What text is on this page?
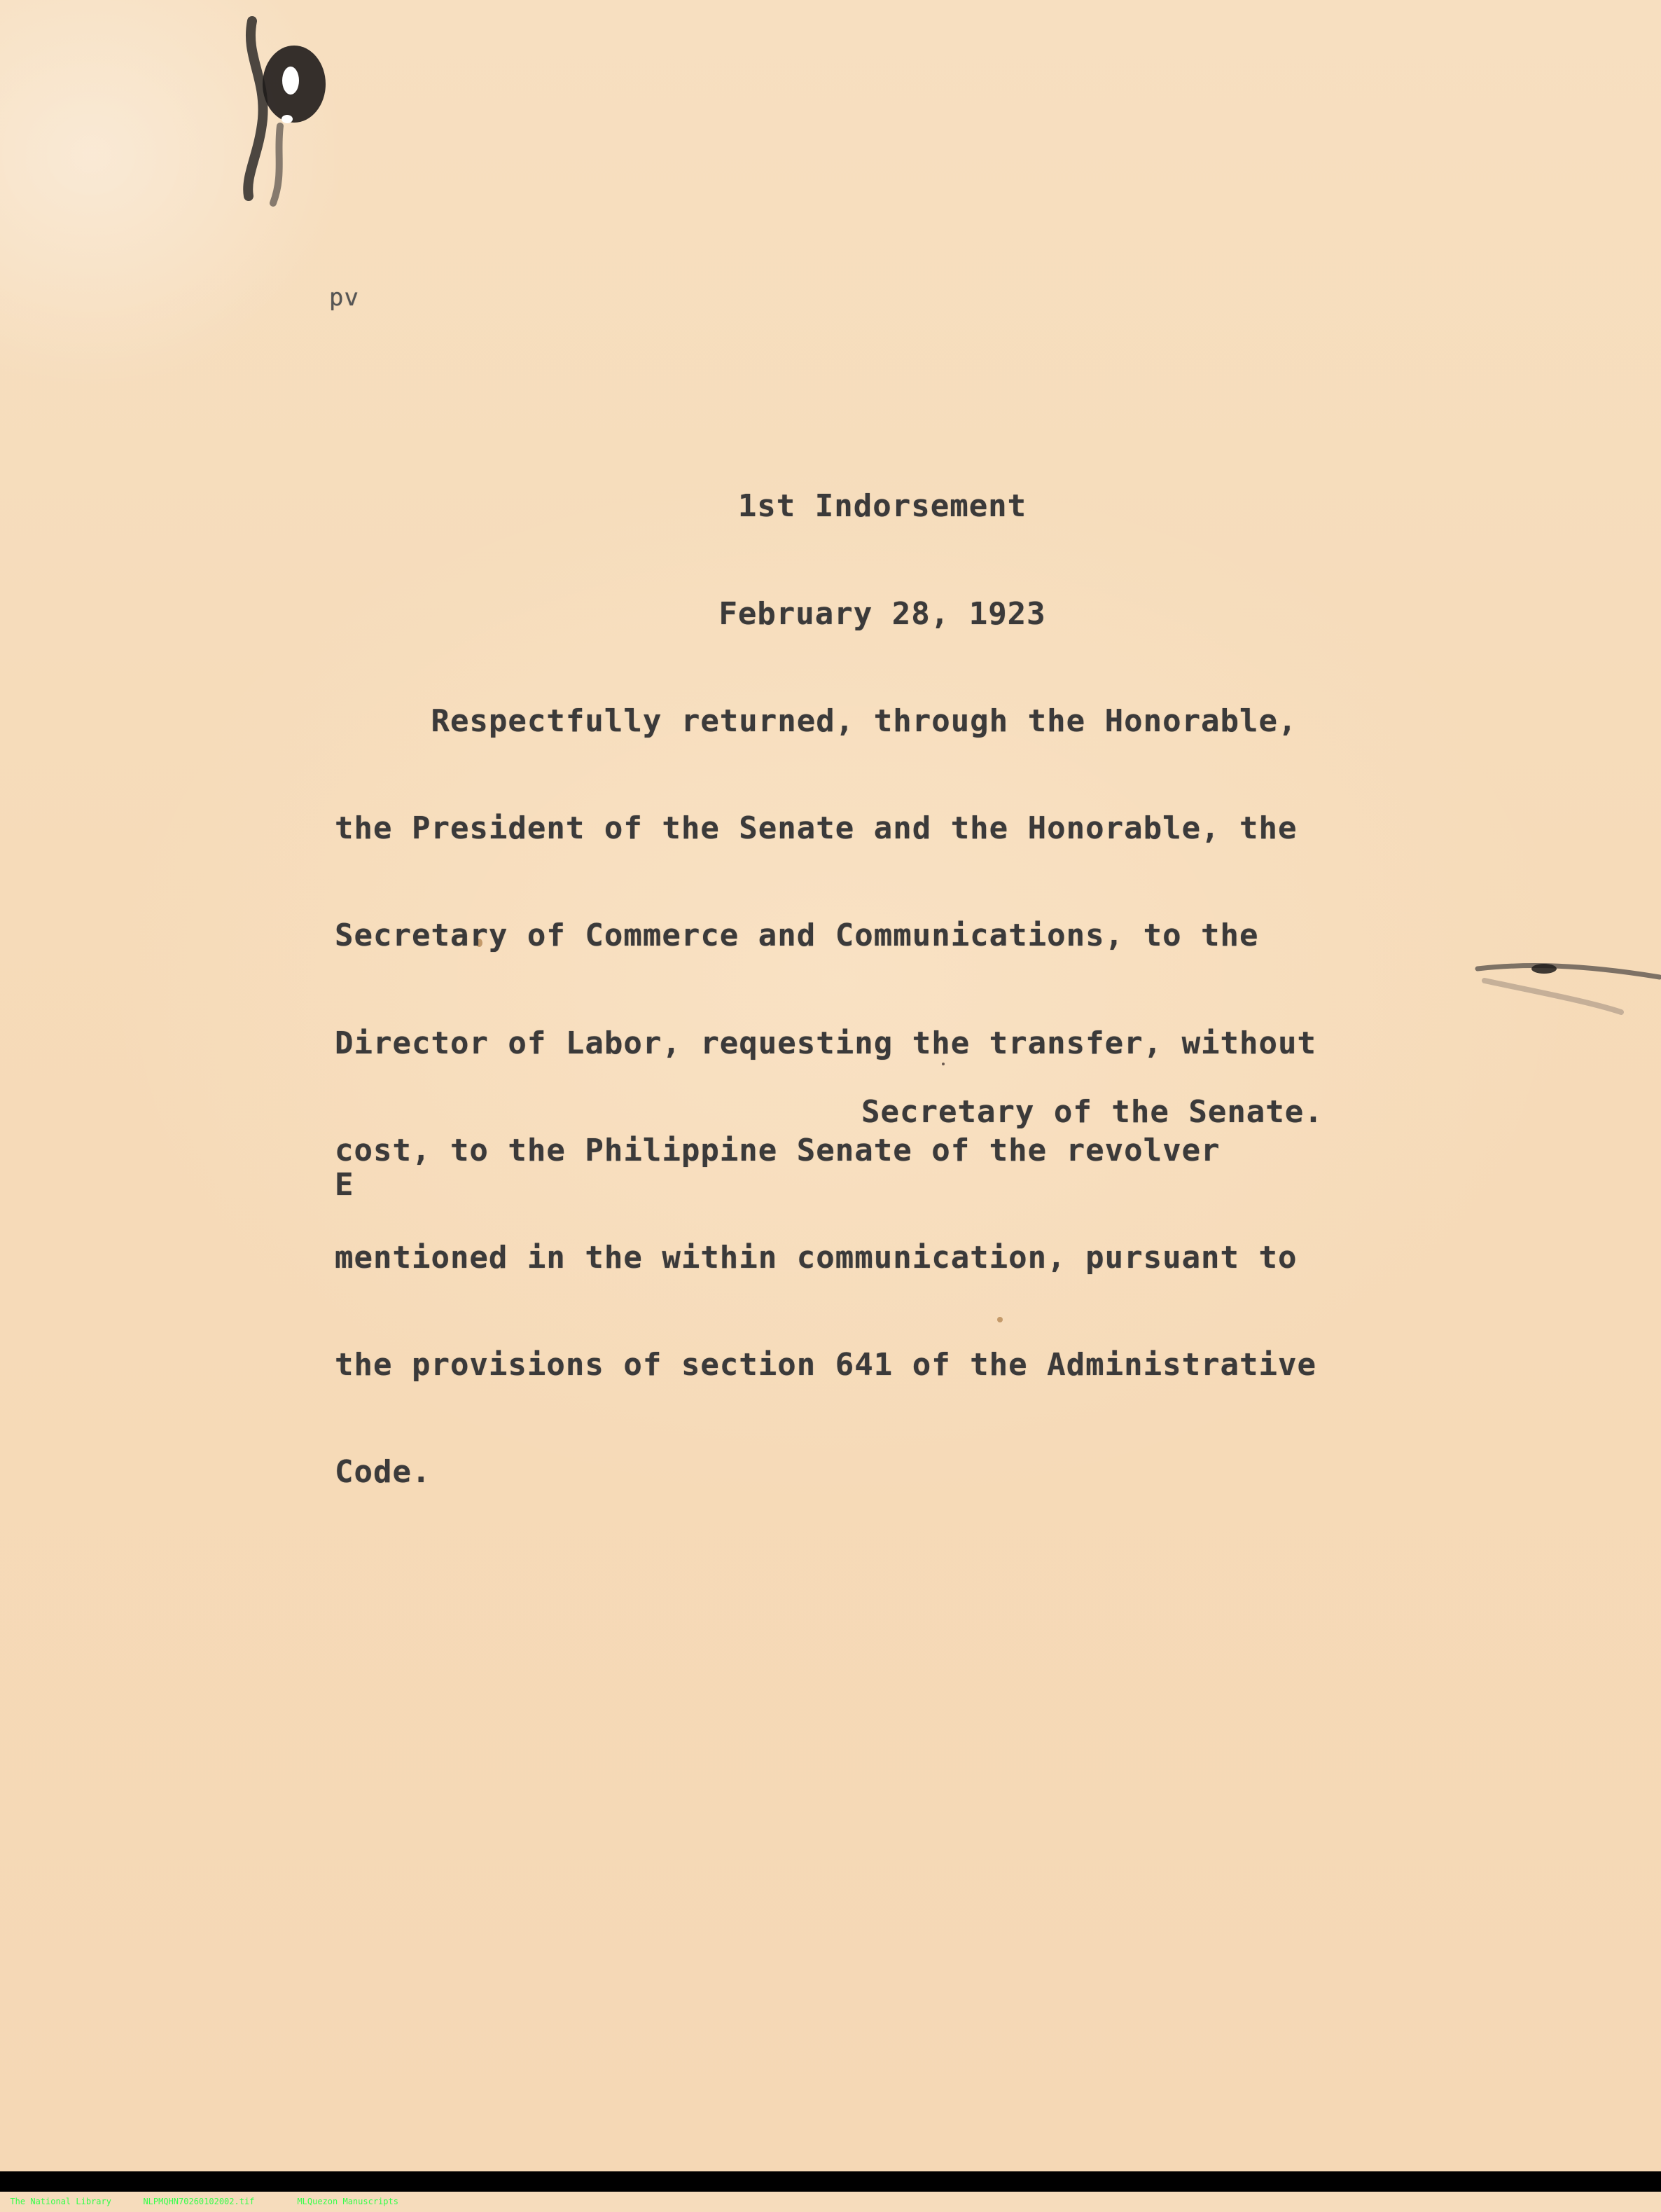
pv

1st Indorsement

February 28, 1923

Respectfully returned, through the Honorable,

the President of the Senate and the Honorable, the

Secretary of Commerce and Communications, to the

Director of Labor, requesting the transfer, without

cost, to the Philippine Senate of the revolver

mentioned in the within communication, pursuant to

the provisions of section 641 of the Administrative

Code.

Secretary of the Senate.
E

The National Library	NLPMQHN70260102002.tif	MLQuezon Manuscripts
